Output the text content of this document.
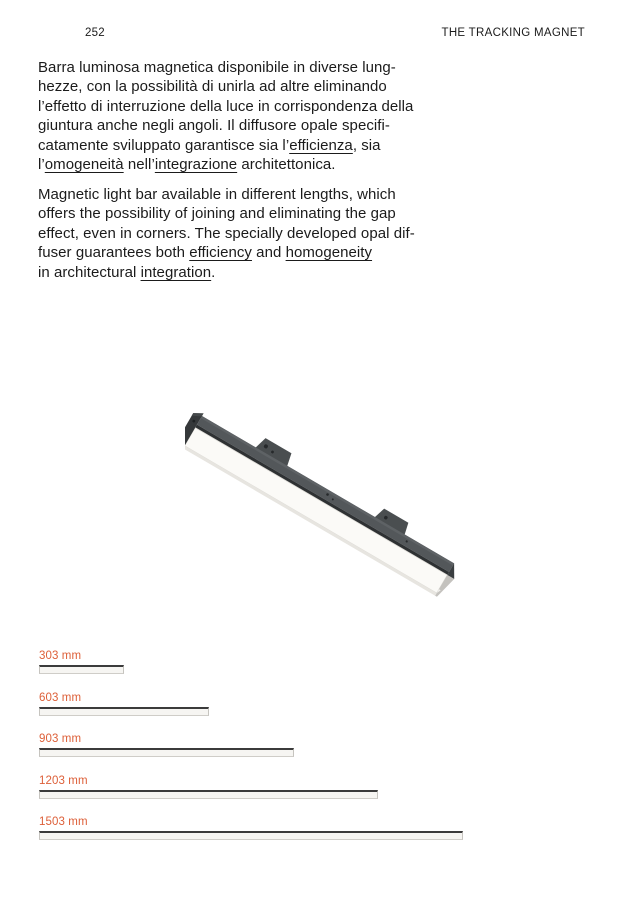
252	THE TRACKING MAGNET
Barra luminosa magnetica disponibile in diverse lung-
hezze, con la possibilità di unirla ad altre eliminando
l’effetto di interruzione della luce in corrispondenza della
giuntura anche negli angoli. Il diffusore opale specifi-
catamente sviluppato garantisce sia l’efficienza, sia
l’omogeneità nell’integrazione architettonica.
Magnetic light bar available in different lengths, which
offers the possibility of joining and eliminating the gap
effect, even in corners. The specially developed opal dif-
fuser guarantees both efficiency and homogeneity
in architectural integration.
303 mm
603 mm
903 mm
1203 mm
1503 mm
